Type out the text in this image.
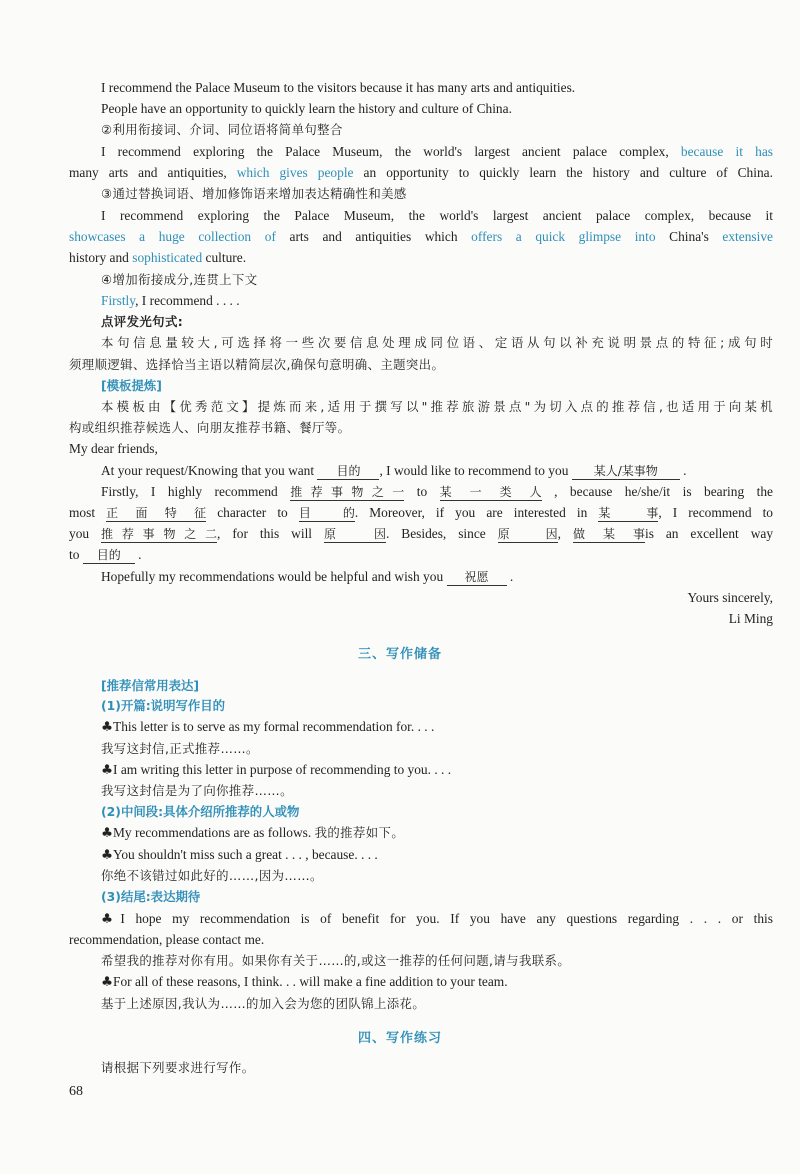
I recommend the Palace Museum to the visitors because it has many arts and antiquities.
People have an opportunity to quickly learn the history and culture of China.
②利用衔接词、介词、同位语将简单句整合
I recommend exploring the Palace Museum, the world's largest ancient palace complex, because it has
many arts and antiquities, which gives people an opportunity to quickly learn the history and culture of China.
③通过替换词语、增加修饰语来增加表达精确性和美感
I recommend exploring the Palace Museum, the world's largest ancient palace complex, because it
showcases a huge collection of arts and antiquities which offers a quick glimpse into China's extensive
history and sophisticated culture.
④增加衔接成分,连贯上下文
Firstly, I recommend . . . .
点评发光句式:
本句信息量较大,可选择将一些次要信息处理成同位语、定语从句以补充说明景点的特征;成句时
须理顺逻辑、选择恰当主语以精简层次,确保句意明确、主题突出。
[模板提炼]
本模板由【优秀范文】提炼而来,适用于撰写以"推荐旅游景点"为切入点的推荐信,也适用于向某机
构或组织推荐候选人、向朋友推荐书籍、餐厅等。
My dear friends,
At your request/Knowing that you want 目的 , I would like to recommend to you 某人/某事物 .
Firstly, I highly recommend 推荐事物之一 to 某一类人 , because he/she/it is bearing the
most 正面特征 character to 目的. Moreover, if you are interested in 某事, I recommend to
you 推荐事物之二, for this will 原因. Besides, since 原因, 做某事is an excellent way
to 目的 .
Hopefully my recommendations would be helpful and wish you 祝愿 .
Yours sincerely,
Li Ming
三、写作储备
[推荐信常用表达]
(1)开篇:说明写作目的
♣This letter is to serve as my formal recommendation for. . . .
我写这封信,正式推荐……。
♣I am writing this letter in purpose of recommending to you. . . .
我写这封信是为了向你推荐……。
(2)中间段:具体介绍所推荐的人或物
♣My recommendations are as follows. 我的推荐如下。
♣You shouldn't miss such a great . . . , because. . . .
你绝不该错过如此好的……,因为……。
(3)结尾:表达期待
♣I hope my recommendation is of benefit for you. If you have any questions regarding . . . or this
recommendation, please contact me.
希望我的推荐对你有用。如果你有关于……的,或这一推荐的任何问题,请与我联系。
♣For all of these reasons, I think. . . will make a fine addition to your team.
基于上述原因,我认为……的加入会为您的团队锦上添花。
四、写作练习
请根据下列要求进行写作。
68
